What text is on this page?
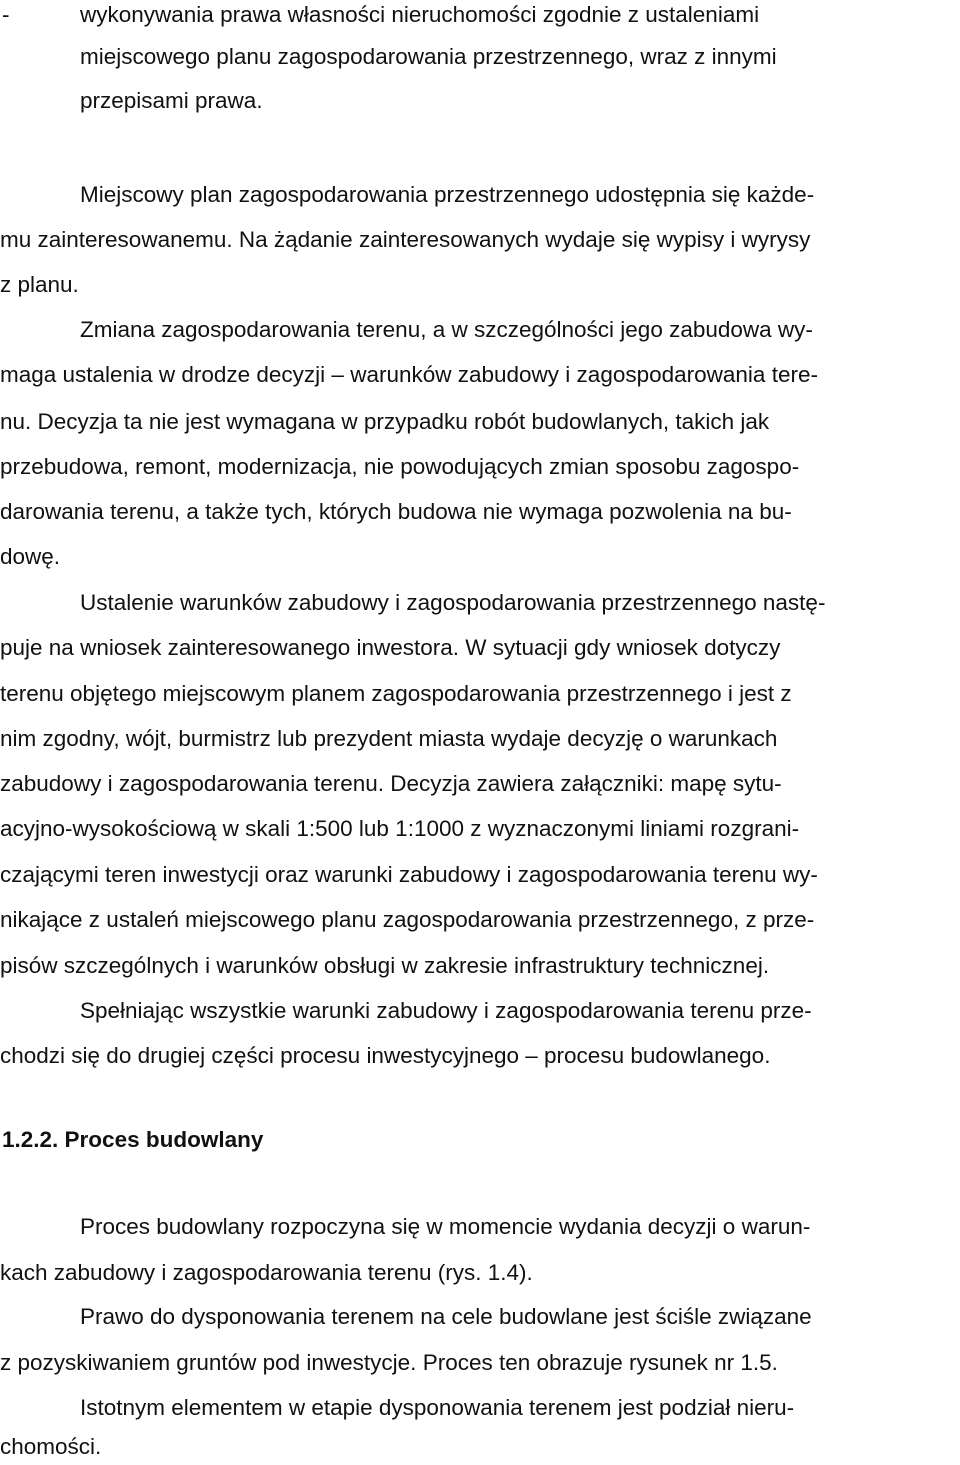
-	wykonywania prawa własności nieruchomości zgodnie z ustaleniami

miejscowego planu zagospodarowania przestrzennego, wraz z innymi

przepisami prawa.

Miejscowy plan zagospodarowania przestrzennego udostępnia się każde-

mu zainteresowanemu. Na żądanie zainteresowanych wydaje się wypisy i wyrysy

z planu.

Zmiana zagospodarowania terenu, a w szczególności jego zabudowa wy-

maga ustalenia w drodze decyzji – warunków zabudowy i zagospodarowania tere-

nu. Decyzja ta nie jest wymagana w przypadku robót budowlanych, takich jak

przebudowa, remont, modernizacja, nie powodujących zmian sposobu zagospo-

darowania terenu, a także tych, których budowa nie wymaga pozwolenia na bu-

dowę.

Ustalenie warunków zabudowy i zagospodarowania przestrzennego nastę-

puje na wniosek zainteresowanego inwestora. W sytuacji gdy wniosek dotyczy

terenu objętego miejscowym planem zagospodarowania przestrzennego i jest z

nim zgodny, wójt, burmistrz lub prezydent miasta wydaje decyzję o warunkach

zabudowy i zagospodarowania terenu. Decyzja zawiera załączniki: mapę sytu-

acyjno-wysokościową w skali 1:500 lub 1:1000 z wyznaczonymi liniami rozgrani-

czającymi teren inwestycji oraz warunki zabudowy i zagospodarowania terenu wy-

nikające z ustaleń miejscowego planu zagospodarowania przestrzennego, z prze-

pisów szczególnych i warunków obsługi w zakresie infrastruktury technicznej.

Spełniając wszystkie warunki zabudowy i zagospodarowania terenu prze-

chodzi się do drugiej części procesu inwestycyjnego – procesu budowlanego.

1.2.2. Proces budowlany

Proces budowlany rozpoczyna się w momencie wydania decyzji o warun-

kach zabudowy i zagospodarowania terenu (rys. 1.4).

Prawo do dysponowania terenem na cele budowlane jest ściśle związane

z pozyskiwaniem gruntów pod inwestycje. Proces ten obrazuje rysunek nr 1.5.

Istotnym elementem w etapie dysponowania terenem jest podział nieru-

chomości.
